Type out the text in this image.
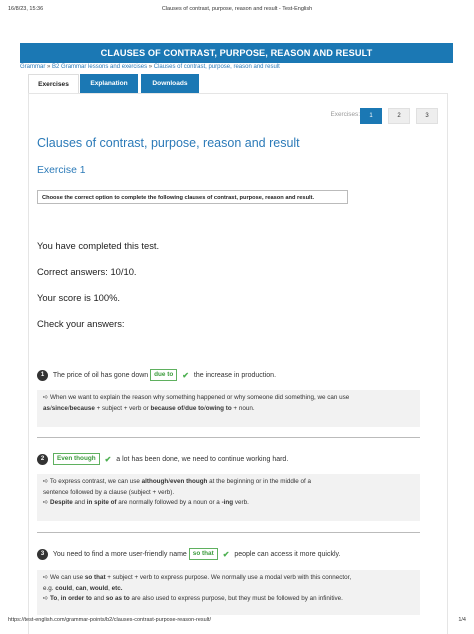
16/8/23, 15:36	Clauses of contrast, purpose, reason and result - Test-English
CLAUSES OF CONTRAST, PURPOSE, REASON AND RESULT
Grammar » B2 Grammar lessons and exercises » Clauses of contrast, purpose, reason and result
Exercises	Explanation	Downloads
Exercises:	1	2	3
Clauses of contrast, purpose, reason and result
Exercise 1
Choose the correct option to complete the following clauses of contrast, purpose, reason and result.
You have completed this test.
Correct answers: 10/10.
Your score is 100%.
Check your answers:
1 The price of oil has gone down due to ✔ the increase in production.

➪ When we want to explain the reason why something happened or why someone did something, we can use

as/since/because + subject + verb or because of/due to/owing to + noun.

2 Even though ✔ a lot has been done, we need to continue working hard.

➪ To express contrast, we can use although/even though at the beginning or in the middle of a

sentence followed by a clause (subject + verb).

➪ Despite and in spite of are normally followed by a noun or a -ing verb.

3 You need to find a more user-friendly name so that ✔ people can access it more quickly.

➪ We can use so that + subject + verb to express purpose. We normally use a modal verb with this connector,

e.g. could, can, would, etc.

➪ To, in order to and so as to are also used to express purpose, but they must be followed by an infinitive.

https://test-english.com/grammar-points/b2/clauses-contrast-purpose-reason-result/	1/4
